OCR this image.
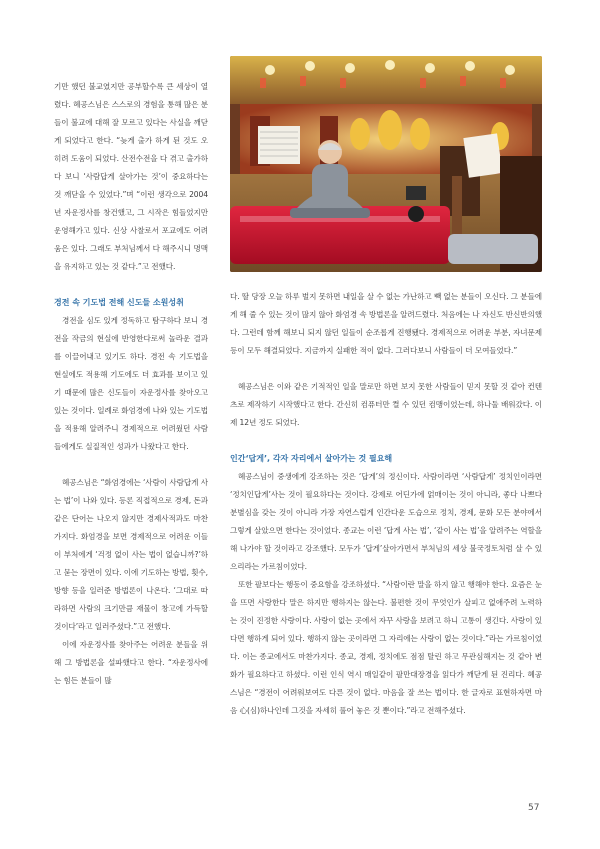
기만 했던 불교였지만 공부할수록 큰 세상이 열렸다. 혜공스님은 스스로의 경험을 통해 많은 분들이 불교에 대해 잘 모르고 있다는 사실을 깨닫게 되었다고 한다. “늦게 출가 하게 된 것도 오히려 도움이 되었다. 산전수전을 다 겪고 출가하다 보니 ‘사람답게 살아가는 것’이 중요하다는 것 깨닫을 수 있었다.”며 “이런 생각으로 2004년 자운정사를 창건했고, 그 시작은 힘들었지만 운영해가고 있다. 신상 사찰로서 포교에도 어려움은 있다. 그래도 부처님께서 다 해주시니 명맥을 유지하고 있는 것 같다.”고 전했다.

경전 속 기도법 전해 신도들 소원성취

경전을 심도 있게 정독하고 탐구하다 보니 경전을 작금의 현실에 반영한다로써 놀라운 결과를 이끌어내고 있기도 하다. 경전 속 기도법을 현실에도 적용해 기도에도 더 효과를 보이고 있기 때문에 많은 신도들이 자운정사를 찾아오고 있는 것이다. 일례로 화엄경에 나와 있는 기도법을 적용해 알려주니 경제적으로 어려웠던 사람들에게도 실질적인 성과가 나왔다고 한다.

혜공스님은 “화엄경에는 ‘사람이 사람답게 사는 법’이 나와 있다. 등론 직접적으로 경제, 돈과 같은 단어는 나오지 않지만 경제사적과도 마찬가지다. 화엄경을 보면 경제적으로 어려운 이들이 부처에게 ‘걱정 없이 사는 법이 없습니까?’하고 묻는 장면이 있다. 이에 기도하는 방법, 횟수, 방향 등을 일러준 방법론이 나온다. ‘그대로 따라하면 사람의 크기만큼 재물이 창고에 가득할 것이다’라고 일러주셨다.”고 전했다.

이에 자운정사를 찾아주는 어려운 분들을 위해 그 방법론을 설파했다고 한다. “자운정사에는 힘든 분들이 많

다. 딸 당장 오늘 하루 벌지 못하면 내일을 살 수 없는 가난하고 빽 없는 분들이 오신다. 그 분들에게 해 줄 수 있는 것이 많지 않아 화엄경 속 방법론을 알려드렸다. 처음에는 나 자신도 반신반의했다. 그런데 함께 해보니 되지 않던 일들이 순조롭게 진행됐다. 경제적으로 어려운 부분, 자녀문제 등이 모두 해결되었다. 지금까지 실패한 적이 없다. 그러다보니 사람들이 더 모여들었다.”

혜공스님은 이와 같은 기적적인 일을 말로만 하면 보지 못한 사람들이 믿지 못할 것 같아 컨텐츠로 제작하기 시작했다고 한다. 간신히 컴퓨터만 켤 수 있던 컴맹이었는데, 하나둘 배워갔다. 이제 12년 정도 되었다.

인간‘답게’, 각자 자리에서 살아가는 것 필요해

혜공스님이 중생에게 강조하는 것은 ‘답게’의 정신이다. 사람이라면 ‘사람답게’ 정치인이라면 ‘정치인답게’사는 것이 필요하다는 것이다. 강제로 어딘가에 얽매이는 것이 아니라, 좋다 나쁘다 분별심을 갖는 것이 아니라 가장 자연스럽게 인간다운 도습으로 정치, 경제, 문화 모든 분야에서 그렇게 살았으면 한다는 것이었다. 종교는 이런 ‘답게 사는 법’, ‘같이 사는 법’을 알려주는 역할을 해 나가야 할 것이라고 강조했다. 모두가 ‘답게’살아가면서 부처님의 세상 불국정토처럼 살 수 있으리라는 가르침이었다.

또한 팔보다는 행동이 중요함을 강조하셨다. “사람이란 말을 하지 않고 행해야 한다. 요즘은 눈을 뜨면 사랑한다 말은 하지만 행하지는 않는다. 불편한 것이 무엇인가 살피고 없애주려 노력하는 것이 진정한 사랑이다. 사랑이 없는 곳에서 자꾸 사랑을 보려고 하니 고통이 생긴다. 사랑이 있다면 행하게 되어 있다. 행하지 않는 곳이라면 그 자리에는 사랑이 없는 것이다.”라는 가르침이었다. 이는 종교에서도 마찬가지다. 종교, 경제, 정치에도 점점 탈린 하고 무관심해지는 것 같아 변화가 필요하다고 하셨다. 이런 인식 역시 매일같이 팔만대장경을 읽다가 깨닫게 된 진리다. 혜공스님은 “경전이 어려워보여도 다른 것이 없다. 마음을 잘 쓰는 법이다. 한 글자로 표현하자면 마음 心(심)하나인데 그것을 자세히 풀어 놓은 것 뿐이다.”라고 전해주셨다.

57
